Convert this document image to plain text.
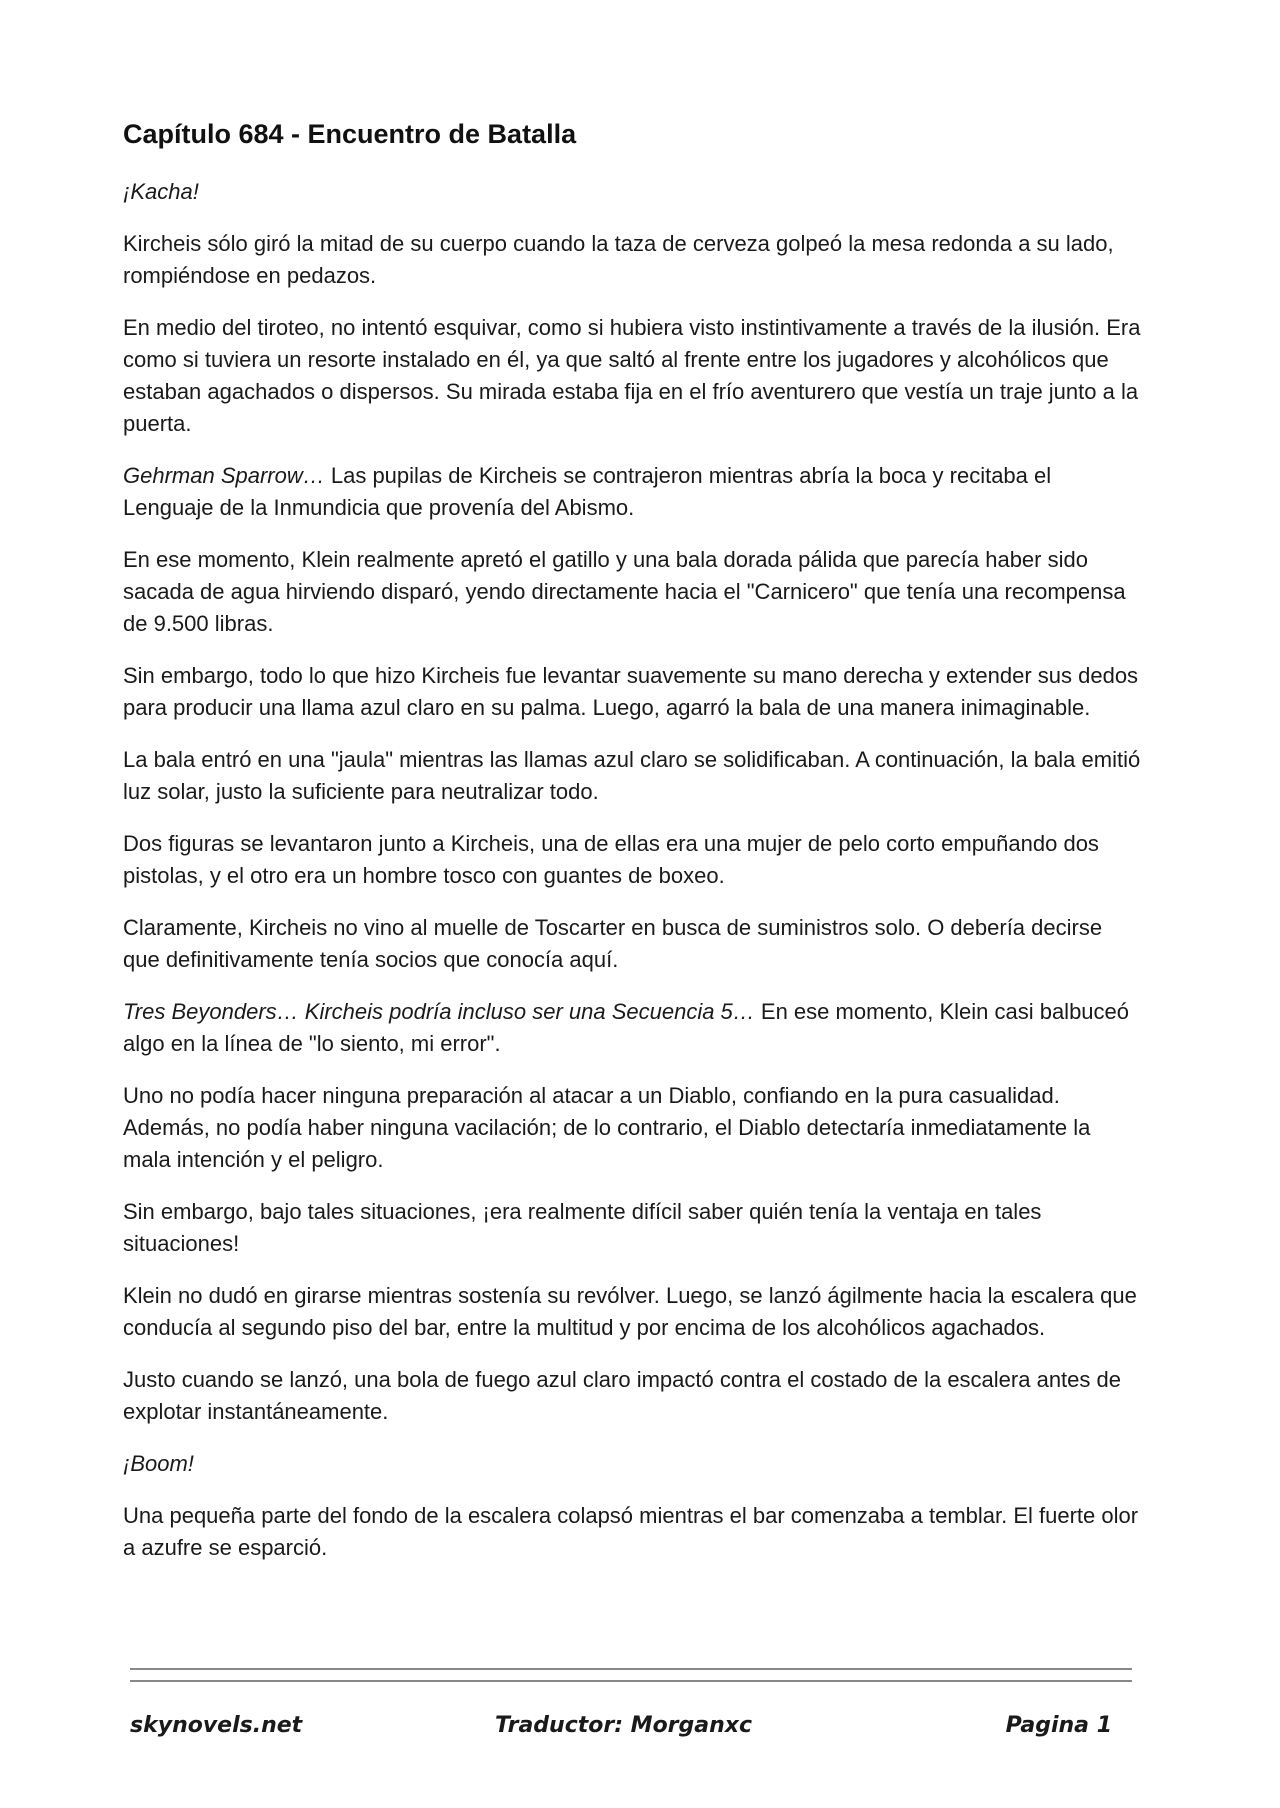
Capítulo 684 - Encuentro de Batalla

¡Kacha!

Kircheis sólo giró la mitad de su cuerpo cuando la taza de cerveza golpeó la mesa redonda a su lado, rompiéndose en pedazos.

En medio del tiroteo, no intentó esquivar, como si hubiera visto instintivamente a través de la ilusión. Era como si tuviera un resorte instalado en él, ya que saltó al frente entre los jugadores y alcohólicos que estaban agachados o dispersos. Su mirada estaba fija en el frío aventurero que vestía un traje junto a la puerta.

Gehrman Sparrow… Las pupilas de Kircheis se contrajeron mientras abría la boca y recitaba el Lenguaje de la Inmundicia que provenía del Abismo.

En ese momento, Klein realmente apretó el gatillo y una bala dorada pálida que parecía haber sido sacada de agua hirviendo disparó, yendo directamente hacia el "Carnicero" que tenía una recompensa de 9.500 libras.

Sin embargo, todo lo que hizo Kircheis fue levantar suavemente su mano derecha y extender sus dedos para producir una llama azul claro en su palma. Luego, agarró la bala de una manera inimaginable.

La bala entró en una "jaula" mientras las llamas azul claro se solidificaban. A continuación, la bala emitió luz solar, justo la suficiente para neutralizar todo.

Dos figuras se levantaron junto a Kircheis, una de ellas era una mujer de pelo corto empuñando dos pistolas, y el otro era un hombre tosco con guantes de boxeo.

Claramente, Kircheis no vino al muelle de Toscarter en busca de suministros solo. O debería decirse que definitivamente tenía socios que conocía aquí.

Tres Beyonders… Kircheis podría incluso ser una Secuencia 5… En ese momento, Klein casi balbuceó algo en la línea de "lo siento, mi error".

Uno no podía hacer ninguna preparación al atacar a un Diablo, confiando en la pura casualidad. Además, no podía haber ninguna vacilación; de lo contrario, el Diablo detectaría inmediatamente la mala intención y el peligro.

Sin embargo, bajo tales situaciones, ¡era realmente difícil saber quién tenía la ventaja en tales situaciones!

Klein no dudó en girarse mientras sostenía su revólver. Luego, se lanzó ágilmente hacia la escalera que conducía al segundo piso del bar, entre la multitud y por encima de los alcohólicos agachados.

Justo cuando se lanzó, una bola de fuego azul claro impactó contra el costado de la escalera antes de explotar instantáneamente.

¡Boom!

Una pequeña parte del fondo de la escalera colapsó mientras el bar comenzaba a temblar. El fuerte olor a azufre se esparció.

skynovels.net	Traductor: Morganxc	Pagina 1
